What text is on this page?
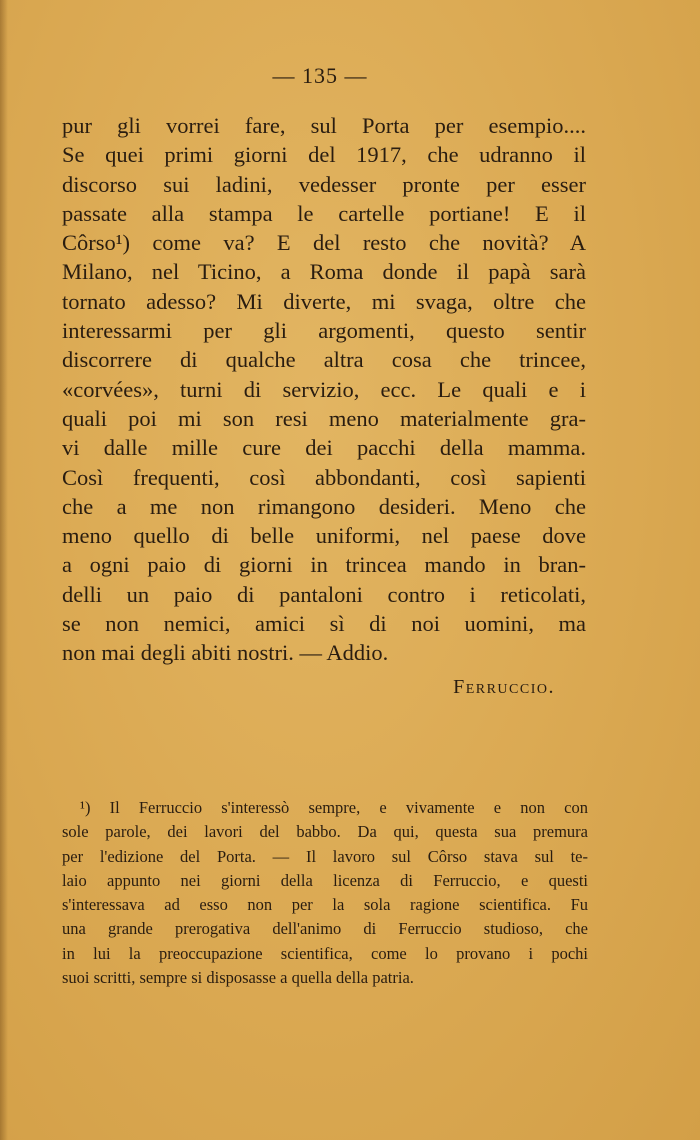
— 135 —
pur gli vorrei fare, sul Porta per esempio....
Se quei primi giorni del 1917, che udranno il
discorso sui ladini, vedesser pronte per esser
passate alla stampa le cartelle portiane! E il
Côrso¹) come va? E del resto che novità? A
Milano, nel Ticino, a Roma donde il papà sarà
tornato adesso? Mi diverte, mi svaga, oltre che
interessarmi per gli argomenti, questo sentir
discorrere di qualche altra cosa che trincee,
«corvées», turni di servizio, ecc. Le quali e i
quali poi mi son resi meno materialmente gra-
vi dalle mille cure dei pacchi della mamma.
Così frequenti, così abbondanti, così sapienti
che a me non rimangono desideri. Meno che
meno quello di belle uniformi, nel paese dove
a ogni paio di giorni in trincea mando in bran-
delli un paio di pantaloni contro i reticolati,
se non nemici, amici sì di noi uomini, ma
non mai degli abiti nostri. — Addio.
Ferruccio.
¹) Il Ferruccio s'interessò sempre, e vivamente e non con
sole parole, dei lavori del babbo. Da qui, questa sua premura
per l'edizione del Porta. — Il lavoro sul Côrso stava sul te-
laio appunto nei giorni della licenza di Ferruccio, e questi
s'interessava ad esso non per la sola ragione scientifica. Fu
una grande prerogativa dell'animo di Ferruccio studioso, che
in lui la preoccupazione scientifica, come lo provano i pochi
suoi scritti, sempre si disposasse a quella della patria.
